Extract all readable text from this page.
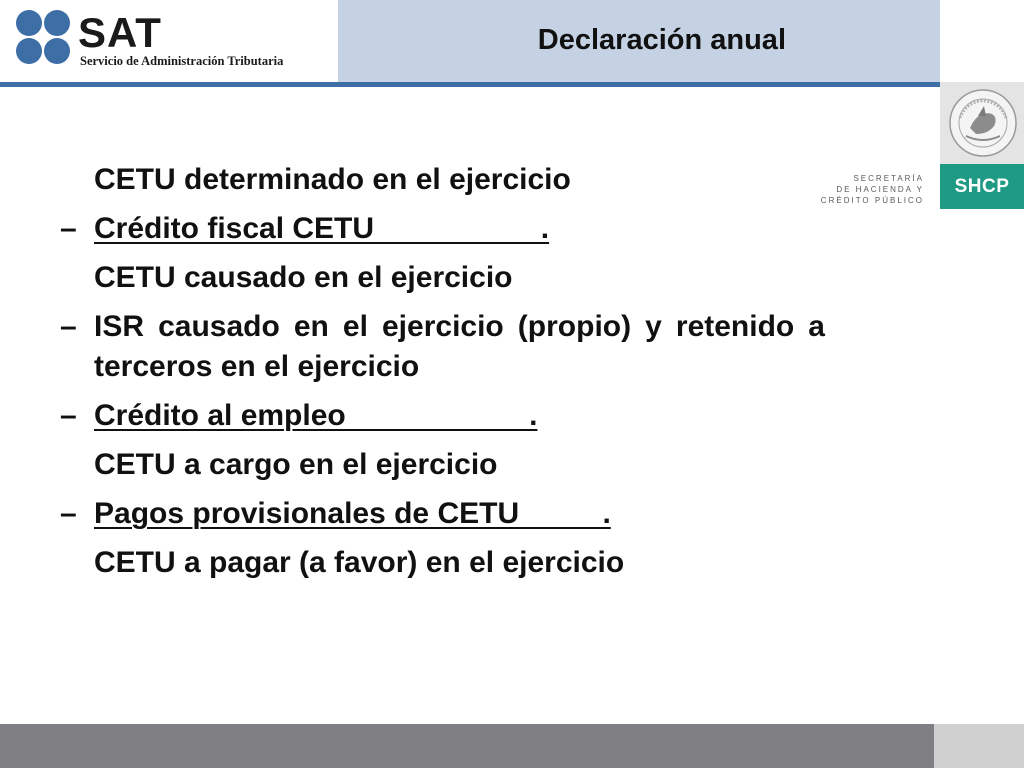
SAT
Servicio de Administración Tributaria
Declaración anual
SECRETARÍA
DE HACIENDA Y
CRÉDITO PÚBLICO
SHCP
CETU determinado en el ejercicio
– Crédito fiscal CETU                    .
CETU causado en el ejercicio
– ISR causado en el ejercicio (propio) y retenido a terceros en el ejercicio
– Crédito al empleo                      .
CETU a cargo en el ejercicio
– Pagos provisionales de CETU          .
CETU a pagar (a favor) en el ejercicio
